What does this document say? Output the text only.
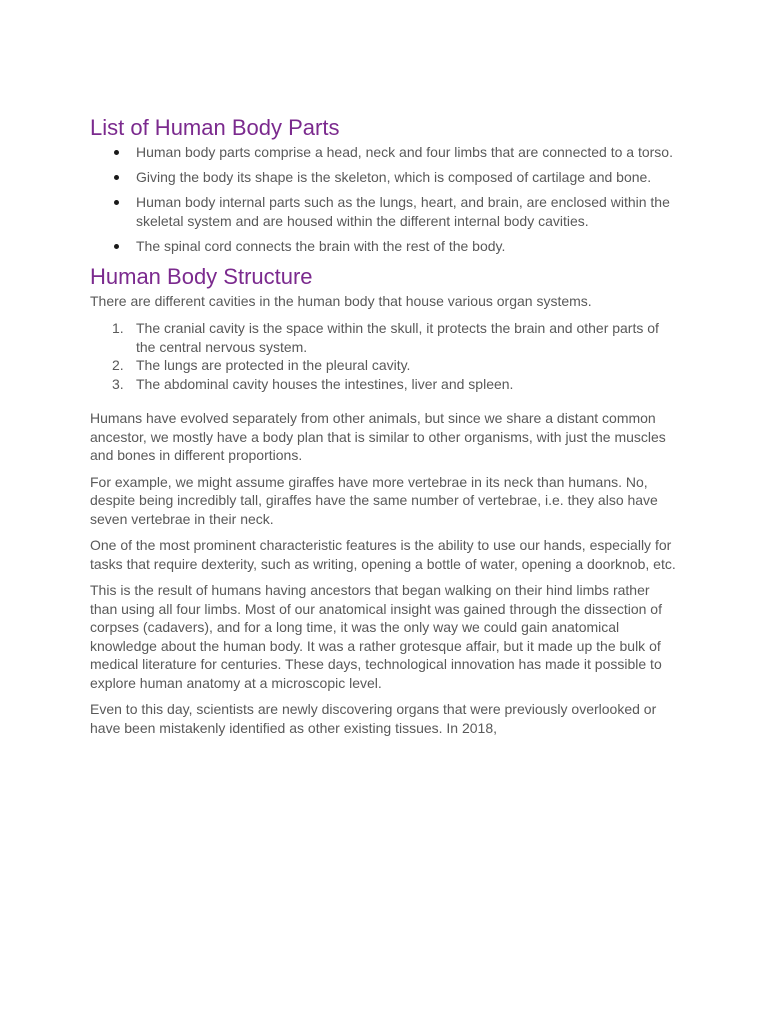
List of Human Body Parts
Human body parts comprise a head, neck and four limbs that are connected to a torso.
Giving the body its shape is the skeleton, which is composed of cartilage and bone.
Human body internal parts such as the lungs, heart, and brain, are enclosed within the skeletal system and are housed within the different internal body cavities.
The spinal cord connects the brain with the rest of the body.
Human Body Structure

There are different cavities in the human body that house various organ systems.

1. The cranial cavity is the space within the skull, it protects the brain and other parts of the central nervous system.
2. The lungs are protected in the pleural cavity.
3. The abdominal cavity houses the intestines, liver and spleen.

Humans have evolved separately from other animals, but since we share a distant common ancestor, we mostly have a body plan that is similar to other organisms, with just the muscles and bones in different proportions.

For example, we might assume giraffes have more vertebrae in its neck than humans. No, despite being incredibly tall, giraffes have the same number of vertebrae, i.e. they also have seven vertebrae in their neck.

One of the most prominent characteristic features is the ability to use our hands, especially for tasks that require dexterity, such as writing, opening a bottle of water, opening a doorknob, etc.

This is the result of humans having ancestors that began walking on their hind limbs rather than using all four limbs. Most of our anatomical insight was gained through the dissection of corpses (cadavers), and for a long time, it was the only way we could gain anatomical knowledge about the human body. It was a rather grotesque affair, but it made up the bulk of medical literature for centuries. These days, technological innovation has made it possible to explore human anatomy at a microscopic level.

Even to this day, scientists are newly discovering organs that were previously overlooked or have been mistakenly identified as other existing tissues. In 2018,
